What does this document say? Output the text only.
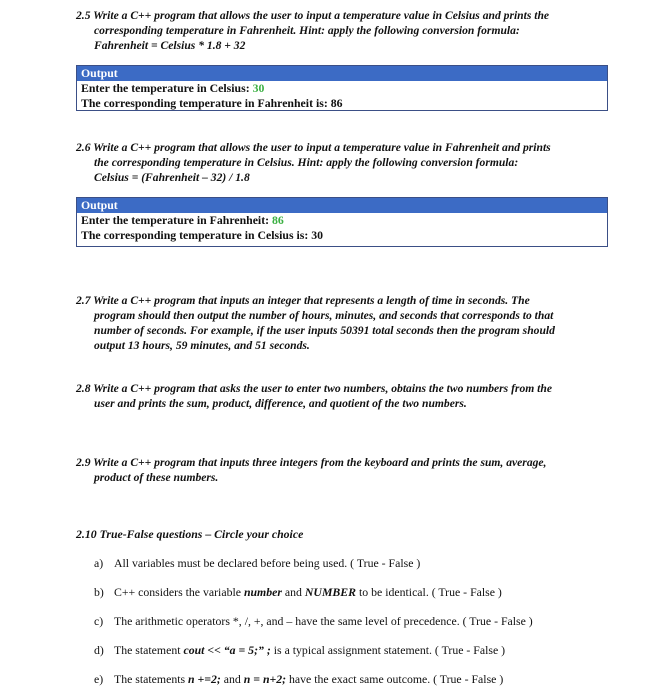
2.5 Write a C++ program that allows the user to input a temperature value in Celsius and prints the
corresponding temperature in Fahrenheit. Hint: apply the following conversion formula:
Fahrenheit = Celsius * 1.8 + 32
Output
Enter the temperature in Celsius: 30
The corresponding temperature in Fahrenheit is: 86
2.6 Write a C++ program that allows the user to input a temperature value in Fahrenheit and prints
the corresponding temperature in Celsius. Hint: apply the following conversion formula:
Celsius = (Fahrenheit – 32) / 1.8
Output
Enter the temperature in Fahrenheit: 86
The corresponding temperature in Celsius is: 30
2.7 Write a C++ program that inputs an integer that represents a length of time in seconds. The
program should then output the number of hours, minutes, and seconds that corresponds to that
number of seconds. For example, if the user inputs 50391 total seconds then the program should
output 13 hours, 59 minutes, and 51 seconds.
2.8 Write a C++ program that asks the user to enter two numbers, obtains the two numbers from the
user and prints the sum, product, difference, and quotient of the two numbers.
2.9 Write a C++ program that inputs three integers from the keyboard and prints the sum, average,
product of these numbers.
2.10 True-False questions – Circle your choice
a) All variables must be declared before being used. ( True - False )
b) C++ considers the variable number and NUMBER to be identical. ( True - False )
c) The arithmetic operators *, /, +, and – have the same level of precedence. ( True - False )
d) The statement cout << “a = 5;” ; is a typical assignment statement. ( True - False )
e) The statements n +=2; and n = n+2; have the exact same outcome. ( True - False )
